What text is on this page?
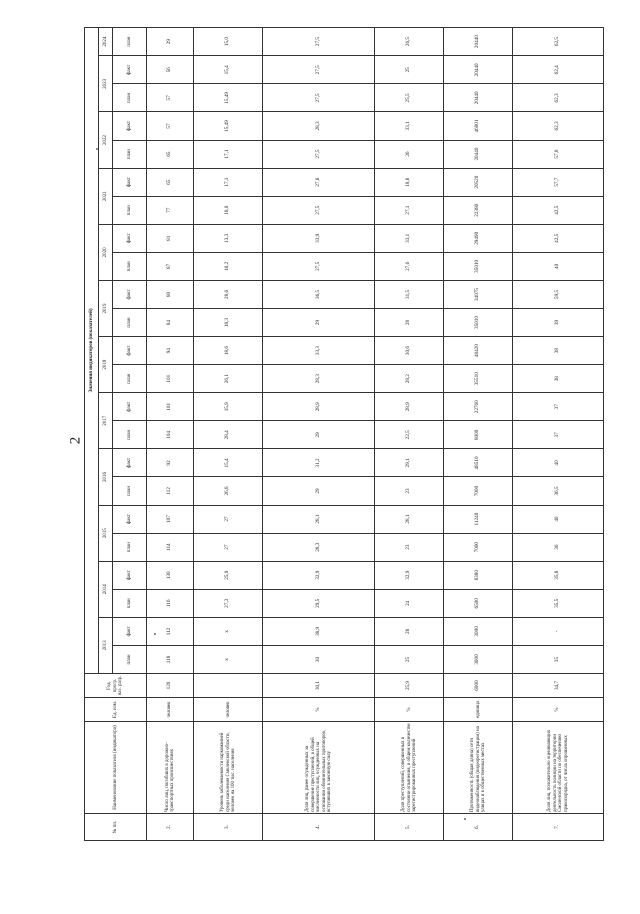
2
№ пп.	Наименование показателя (индикатора)	Ед. изм.	Год. прогр. наз. разр.	Значения индикаторов (показателей)																							
				2013		2014		2015		2016		2017		2018		2019		2020		2021		2022		2023		2024	
				план	факт	план	факт	план	факт	план	факт	план	факт	план	факт	план	факт	план	факт	план	факт	план	факт	план	факт	план	
2.	Число лиц, погибших в дорожно-транспортных происшествиях	человек	120	118	112	116	130	114	107	112	92	104	101	101	94	84	80	87	81	77	65	65	57	57	56	29	
3.	Уровень заболеваемости наркоманией среди населения Смоленской области, человек на 100 тыс. населения	человек		х	х	27,3	25,9	27	27	26,8	15,4	28,4	15,9	26,1	18,6	18,3	28,6	18,2	13,3	18,0	17,1	17,1	15,49	15,49	15,4	15,0	
4.	Доля лиц, ранее осужденных за совершение преступлений, в общей численности лиц, осужденных на основании обвинительных приговоров, вступивших в законную силу	%	30,1	30	38,9	29,5	32,9	28,3	28,1	29	31,2	29	28,9	28,3	33,3	29	36,5	27,5	33,9	27,5	27,8	27,5	28,3	27,5	27,5	27,5	
5.	Доля преступлений, совершенных в состоянии опьянения, в общем количестве зарегистрированных преступлений	%	25,9	25	28	24	32,9	23	28,1	23	29,1	22,5	28,9	28,2	30,6	28	31,5	27,6	33,1	27,1	18,8	26	33,1	25,5	25	26,5	
6.	Протяженность (общая длина) сети видеонаблюдения (видеорегистрации) на улицах и в общественных местах	единица	6000	3000	3000	6500	8380	7000	11240	7000	48510	8000	22760	35510	48420	35010	34075	35010	29490	22380	20520	20440	46001	20440	20440	20440	
7.	Доля лиц, положительно оценивающих деятельность полиции на территории Смоленской области по обеспечению правопорядка, от числа опрошенных	%	34,7	35	-	35,5	35,8	36	40	36,5	40	37	37	38	38	39	59,5	40	42,5	42,5	57,7	57,8	62,3	62,3	62,4	62,5	
